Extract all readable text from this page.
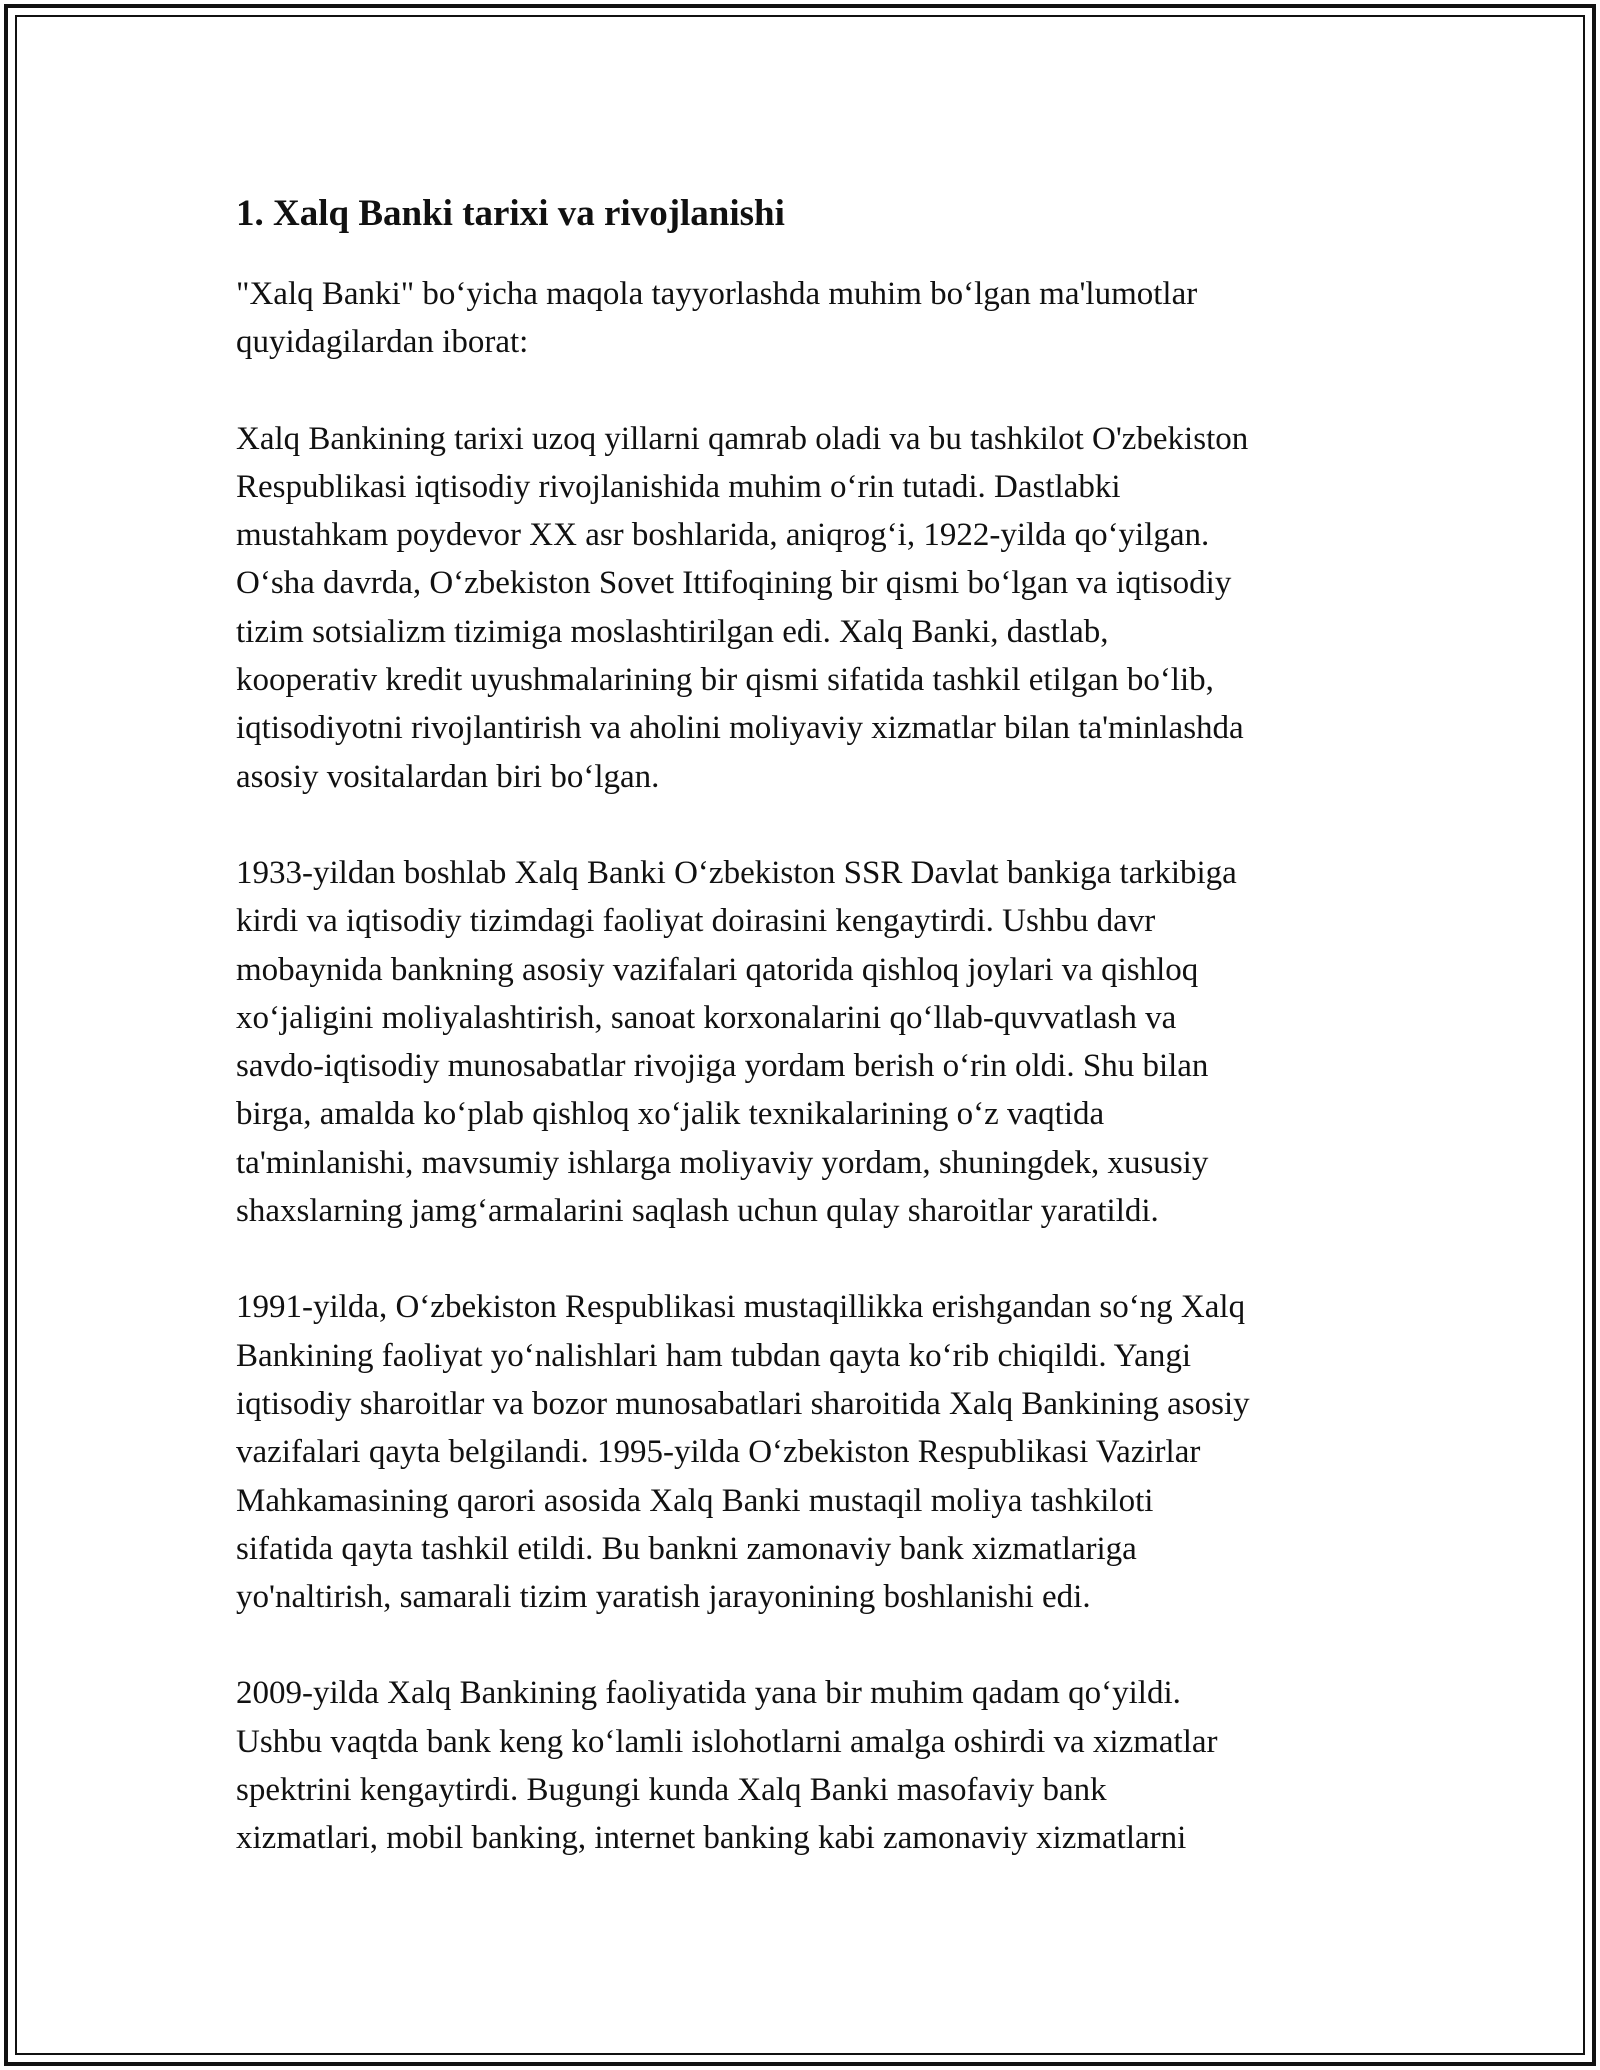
1. Xalq Banki tarixi va rivojlanishi

"Xalq Banki" bo‘yicha maqola tayyorlashda muhim bo‘lgan ma'lumotlar
quyidagilardan iborat:

Xalq Bankining tarixi uzoq yillarni qamrab oladi va bu tashkilot O'zbekiston
Respublikasi iqtisodiy rivojlanishida muhim o‘rin tutadi. Dastlabki
mustahkam poydevor XX asr boshlarida, aniqrog‘i, 1922-yilda qo‘yilgan.
O‘sha davrda, O‘zbekiston Sovet Ittifoqining bir qismi bo‘lgan va iqtisodiy
tizim sotsializm tizimiga moslashtirilgan edi. Xalq Banki, dastlab,
kooperativ kredit uyushmalarining bir qismi sifatida tashkil etilgan bo‘lib,
iqtisodiyotni rivojlantirish va aholini moliyaviy xizmatlar bilan ta'minlashda
asosiy vositalardan biri bo‘lgan.

1933-yildan boshlab Xalq Banki O‘zbekiston SSR Davlat bankiga tarkibiga
kirdi va iqtisodiy tizimdagi faoliyat doirasini kengaytirdi. Ushbu davr
mobaynida bankning asosiy vazifalari qatorida qishloq joylari va qishloq
xo‘jaligini moliyalashtirish, sanoat korxonalarini qo‘llab-quvvatlash va
savdo-iqtisodiy munosabatlar rivojiga yordam berish o‘rin oldi. Shu bilan
birga, amalda ko‘plab qishloq xo‘jalik texnikalarining o‘z vaqtida
ta'minlanishi, mavsumiy ishlarga moliyaviy yordam, shuningdek, xususiy
shaxslarning jamg‘armalarini saqlash uchun qulay sharoitlar yaratildi.

1991-yilda, O‘zbekiston Respublikasi mustaqillikka erishgandan so‘ng Xalq
Bankining faoliyat yo‘nalishlari ham tubdan qayta ko‘rib chiqildi. Yangi
iqtisodiy sharoitlar va bozor munosabatlari sharoitida Xalq Bankining asosiy
vazifalari qayta belgilandi. 1995-yilda O‘zbekiston Respublikasi Vazirlar
Mahkamasining qarori asosida Xalq Banki mustaqil moliya tashkiloti
sifatida qayta tashkil etildi. Bu bankni zamonaviy bank xizmatlariga
yo'naltirish, samarali tizim yaratish jarayonining boshlanishi edi.

2009-yilda Xalq Bankining faoliyatida yana bir muhim qadam qo‘yildi.
Ushbu vaqtda bank keng ko‘lamli islohotlarni amalga oshirdi va xizmatlar
spektrini kengaytirdi. Bugungi kunda Xalq Banki masofaviy bank
xizmatlari, mobil banking, internet banking kabi zamonaviy xizmatlarni
